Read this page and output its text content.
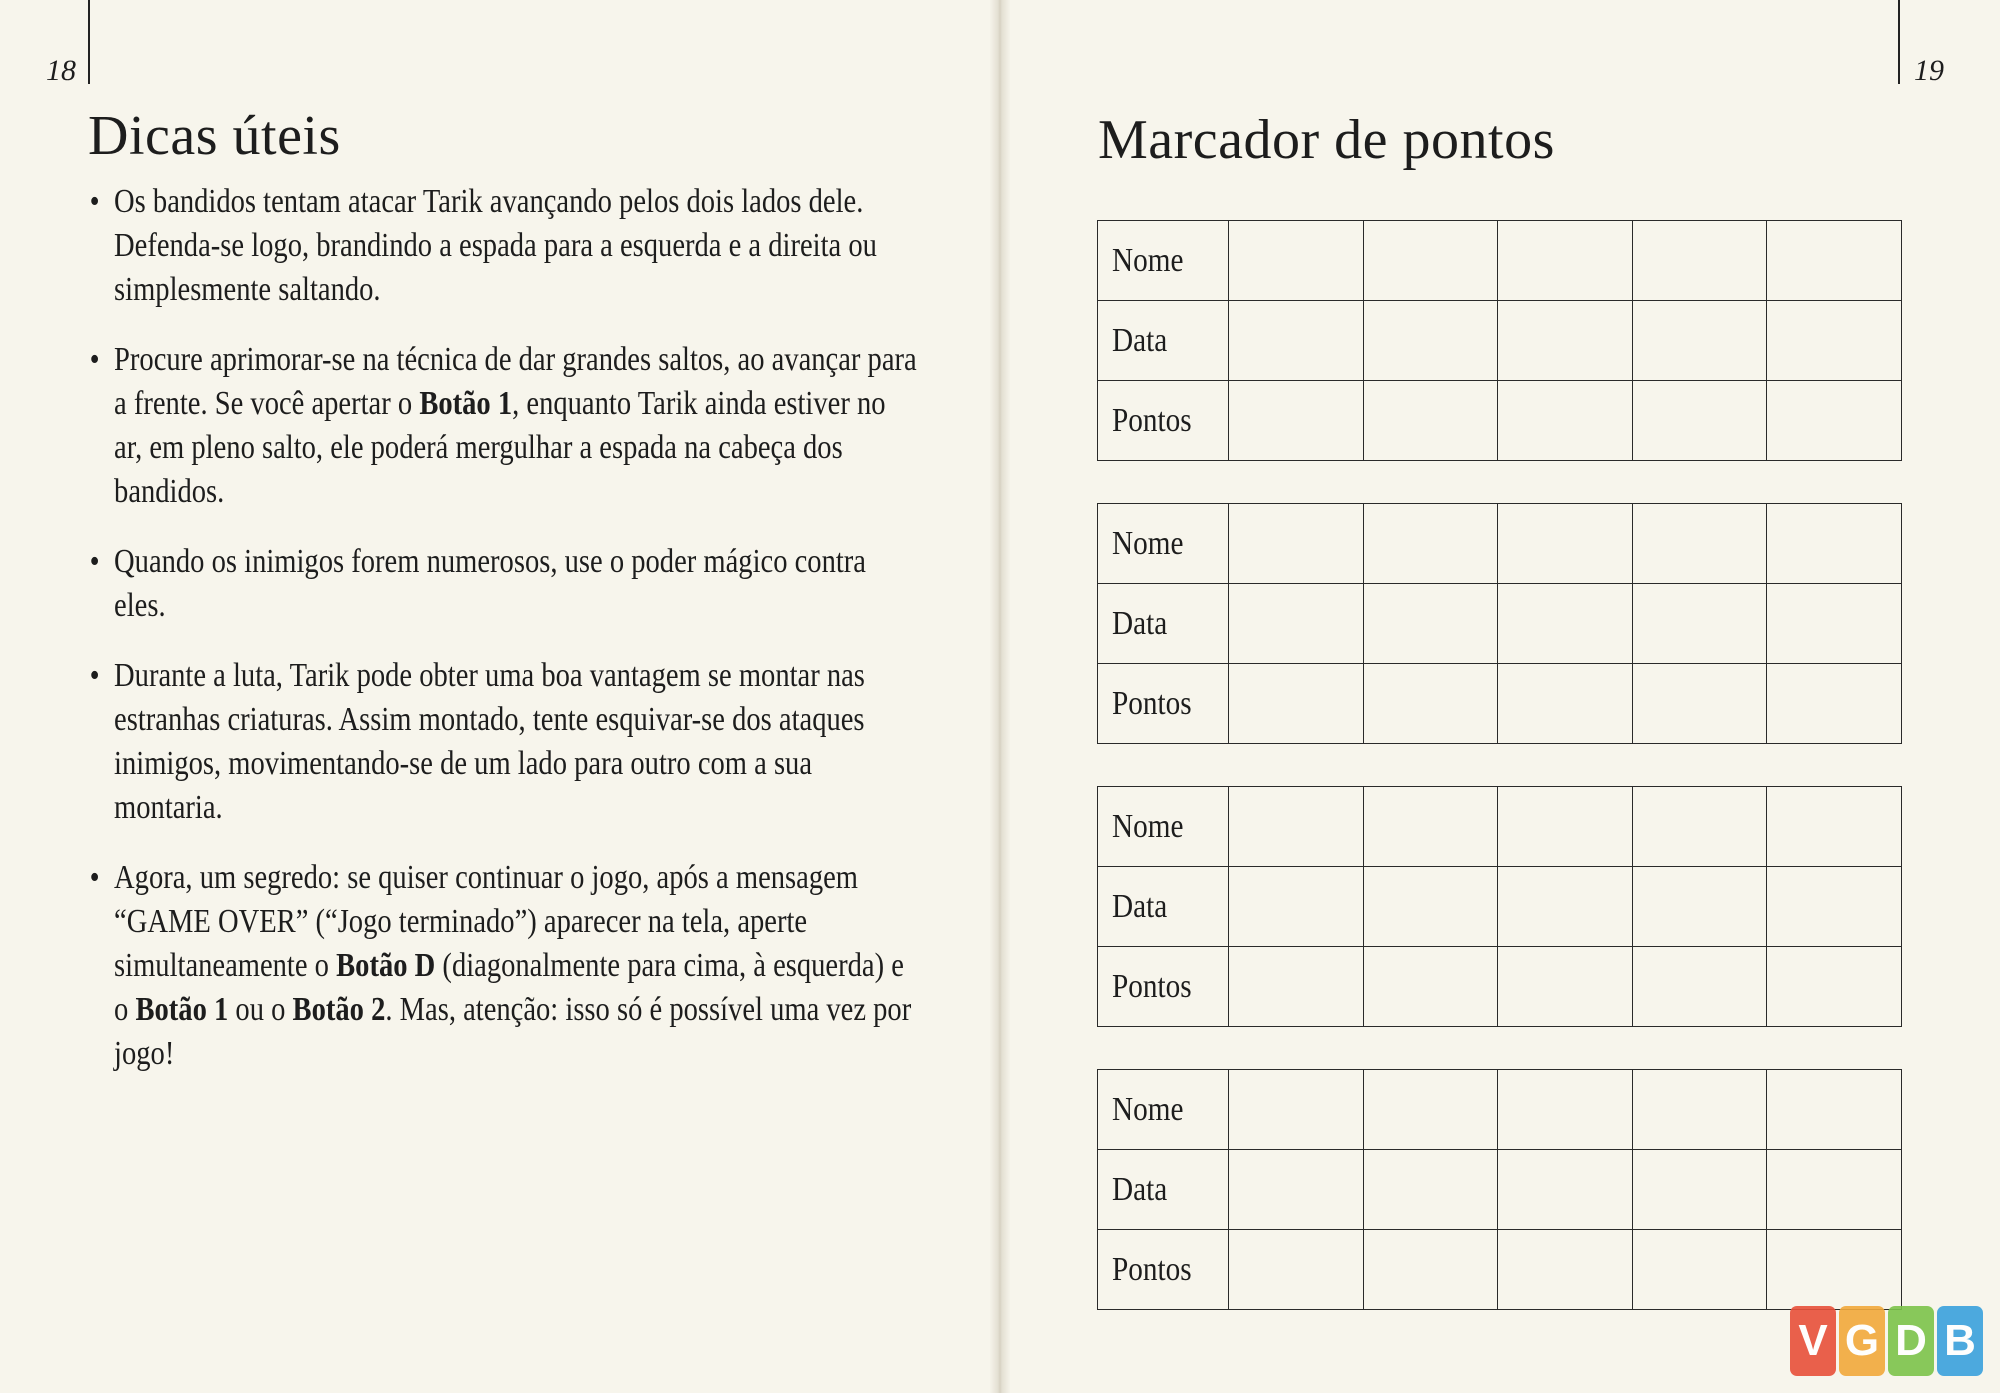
18	19
Dicas úteis
• Os bandidos tentam atacar Tarik avançando pelos dois lados dele. Defenda-se logo, brandindo a espada para a esquerda e a direita ou simplesmente saltando.
• Procure aprimorar-se na técnica de dar grandes saltos, ao avançar para a frente. Se você apertar o Botão 1, enquanto Tarik ainda estiver no ar, em pleno salto, ele poderá mergulhar a espada na cabeça dos bandidos.
• Quando os inimigos forem numerosos, use o poder mágico contra eles.
• Durante a luta, Tarik pode obter uma boa vantagem se montar nas estranhas criaturas. Assim montado, tente esquivar-se dos ataques inimigos, movimentando-se de um lado para outro com a sua montaria.
• Agora, um segredo: se quiser continuar o jogo, após a mensagem “GAME OVER” (“Jogo terminado”) aparecer na tela, aperte simultaneamente o Botão D (diagonalmente para cima, à esquerda) e o Botão 1 ou o Botão 2. Mas, atenção: isso só é possível uma vez por jogo!
Marcador de pontos
Nome					
Data					
Pontos					
Nome					
Data					
Pontos					
Nome					
Data					
Pontos					
Nome					
Data					
Pontos					
V G D B
